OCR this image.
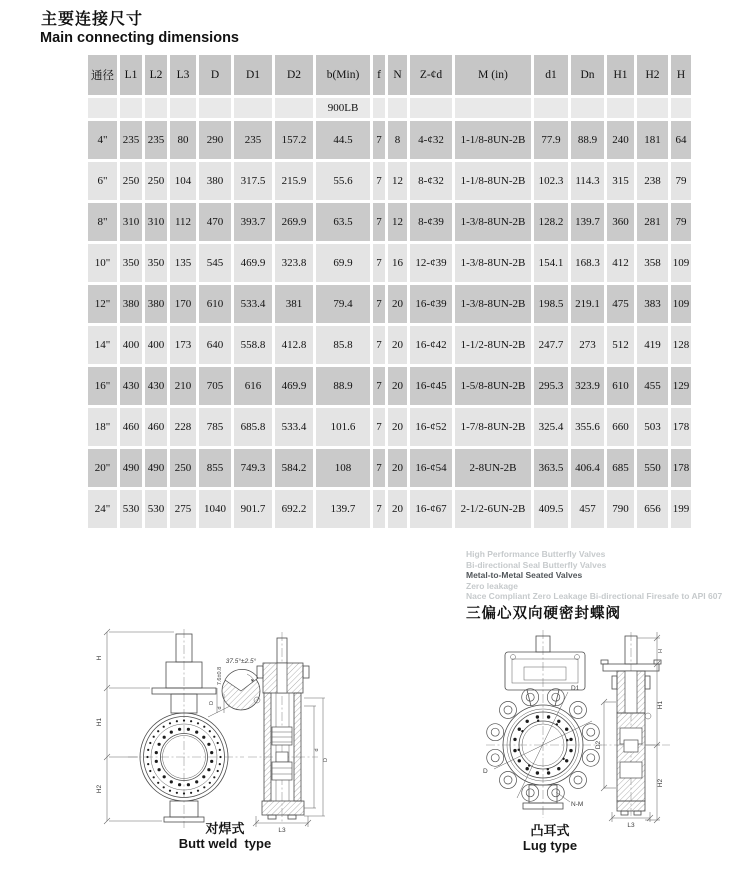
主要连接尺寸
Main connecting dimensions
通径	L1	L2	L3	D	D1	D2	b(Min)	f	N	Z-¢d	M (in)	d1	Dn	H1	H2	H
							900LB									
4"	235	235	80	290	235	157.2	44.5	7	8	4-¢32	1-1/8-8UN-2B	77.9	88.9	240	181	64
6"	250	250	104	380	317.5	215.9	55.6	7	12	8-¢32	1-1/8-8UN-2B	102.3	114.3	315	238	79
8"	310	310	112	470	393.7	269.9	63.5	7	12	8-¢39	1-3/8-8UN-2B	128.2	139.7	360	281	79
10"	350	350	135	545	469.9	323.8	69.9	7	16	12-¢39	1-3/8-8UN-2B	154.1	168.3	412	358	109
12"	380	380	170	610	533.4	381	79.4	7	20	16-¢39	1-3/8-8UN-2B	198.5	219.1	475	383	109
14"	400	400	173	640	558.8	412.8	85.8	7	20	16-¢42	1-1/2-8UN-2B	247.7	273	512	419	128
16"	430	430	210	705	616	469.9	88.9	7	20	16-¢45	1-5/8-8UN-2B	295.3	323.9	610	455	129
18"	460	460	228	785	685.8	533.4	101.6	7	20	16-¢52	1-7/8-8UN-2B	325.4	355.6	660	503	178
20"	490	490	250	855	749.3	584.2	108	7	20	16-¢54	2-8UN-2B	363.5	406.4	685	550	178
24"	530	530	275	1040	901.7	692.2	139.7	7	20	16-¢67	2-1/2-6UN-2B	409.5	457	790	656	199
High Performance Butterfly Valves
Bi-directional Seal Butterfly Valves
Metal-to-Metal Seated Valves
Zero leakage
Nace Compliant Zero Leakage Bi-directional Firesafe to API 607
三偏心双向硬密封蝶阀
H
H1
H2
37.5°±2.5°
7.6±0.8
D
d
d
D
L3
D1
D
N-M
H
H1
H2
D2
L3
对焊式
Butt weld  type
凸耳式
Lug type
